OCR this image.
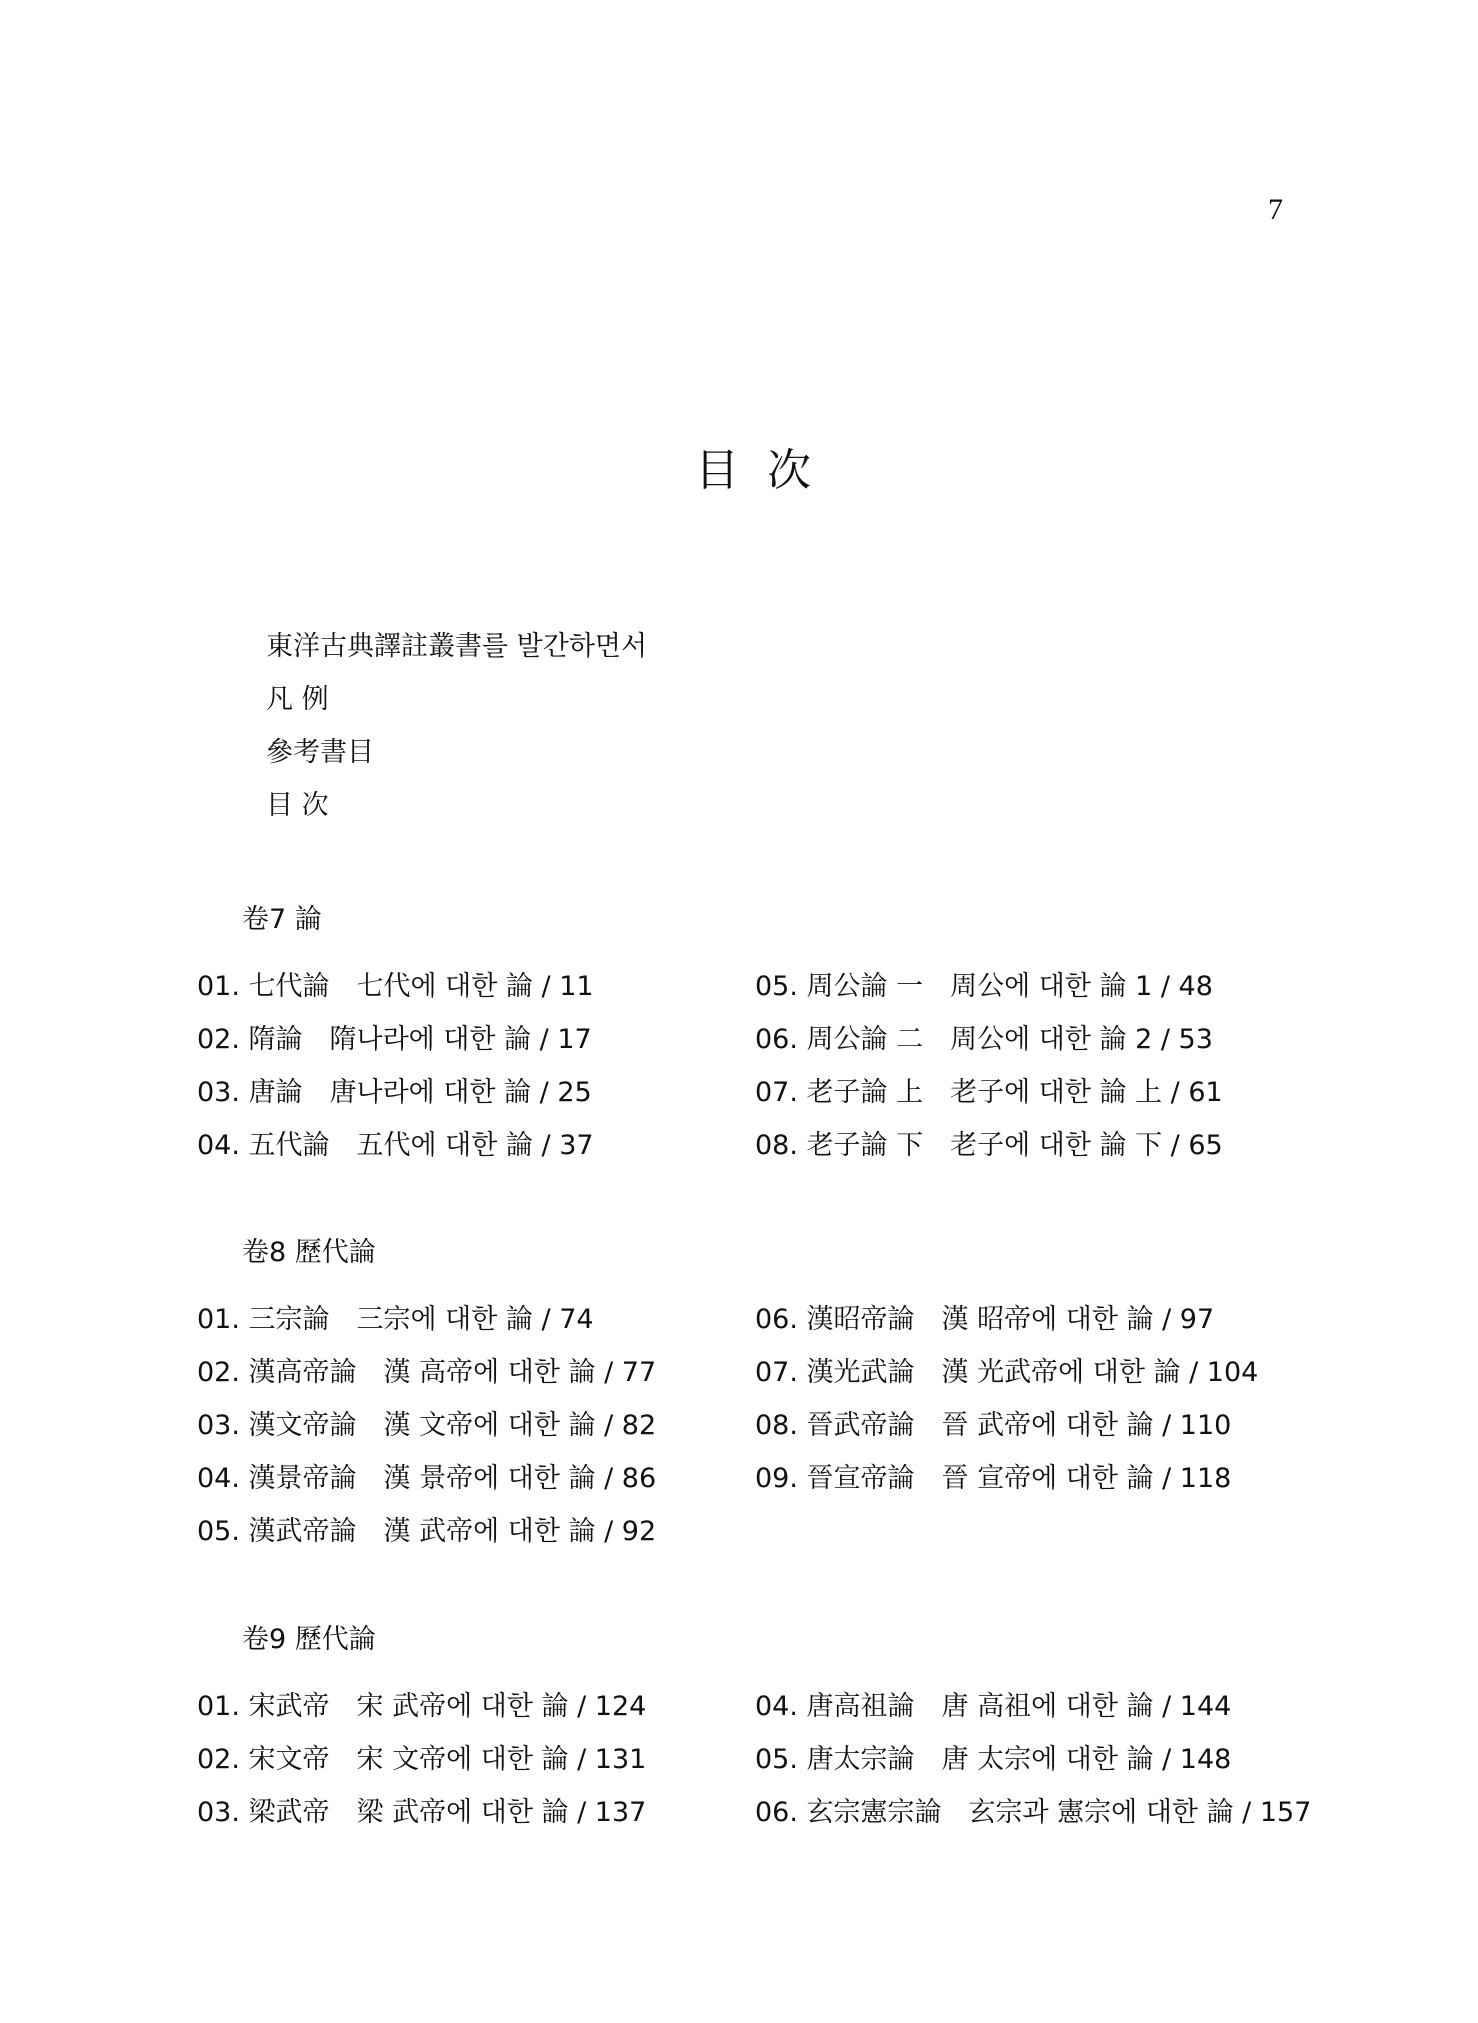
7
目次
東洋古典譯註叢書를 발간하면서
凡 例
參考書目
目 次
卷7 論
01. 七代論　七代에 대한 論 / 11
02. 隋論　隋나라에 대한 論 / 17
03. 唐論　唐나라에 대한 論 / 25
04. 五代論　五代에 대한 論 / 37
05. 周公論 一　周公에 대한 論 1 / 48
06. 周公論 二　周公에 대한 論 2 / 53
07. 老子論 上　老子에 대한 論 上 / 61
08. 老子論 下　老子에 대한 論 下 / 65
卷8 歷代論
01. 三宗論　三宗에 대한 論 / 74
02. 漢高帝論　漢 高帝에 대한 論 / 77
03. 漢文帝論　漢 文帝에 대한 論 / 82
04. 漢景帝論　漢 景帝에 대한 論 / 86
05. 漢武帝論　漢 武帝에 대한 論 / 92
06. 漢昭帝論　漢 昭帝에 대한 論 / 97
07. 漢光武論　漢 光武帝에 대한 論 / 104
08. 晉武帝論　晉 武帝에 대한 論 / 110
09. 晉宣帝論　晉 宣帝에 대한 論 / 118
卷9 歷代論
01. 宋武帝　宋 武帝에 대한 論 / 124
02. 宋文帝　宋 文帝에 대한 論 / 131
03. 梁武帝　梁 武帝에 대한 論 / 137
04. 唐高祖論　唐 高祖에 대한 論 / 144
05. 唐太宗論　唐 太宗에 대한 論 / 148
06. 玄宗憲宗論　玄宗과 憲宗에 대한 論 / 157
